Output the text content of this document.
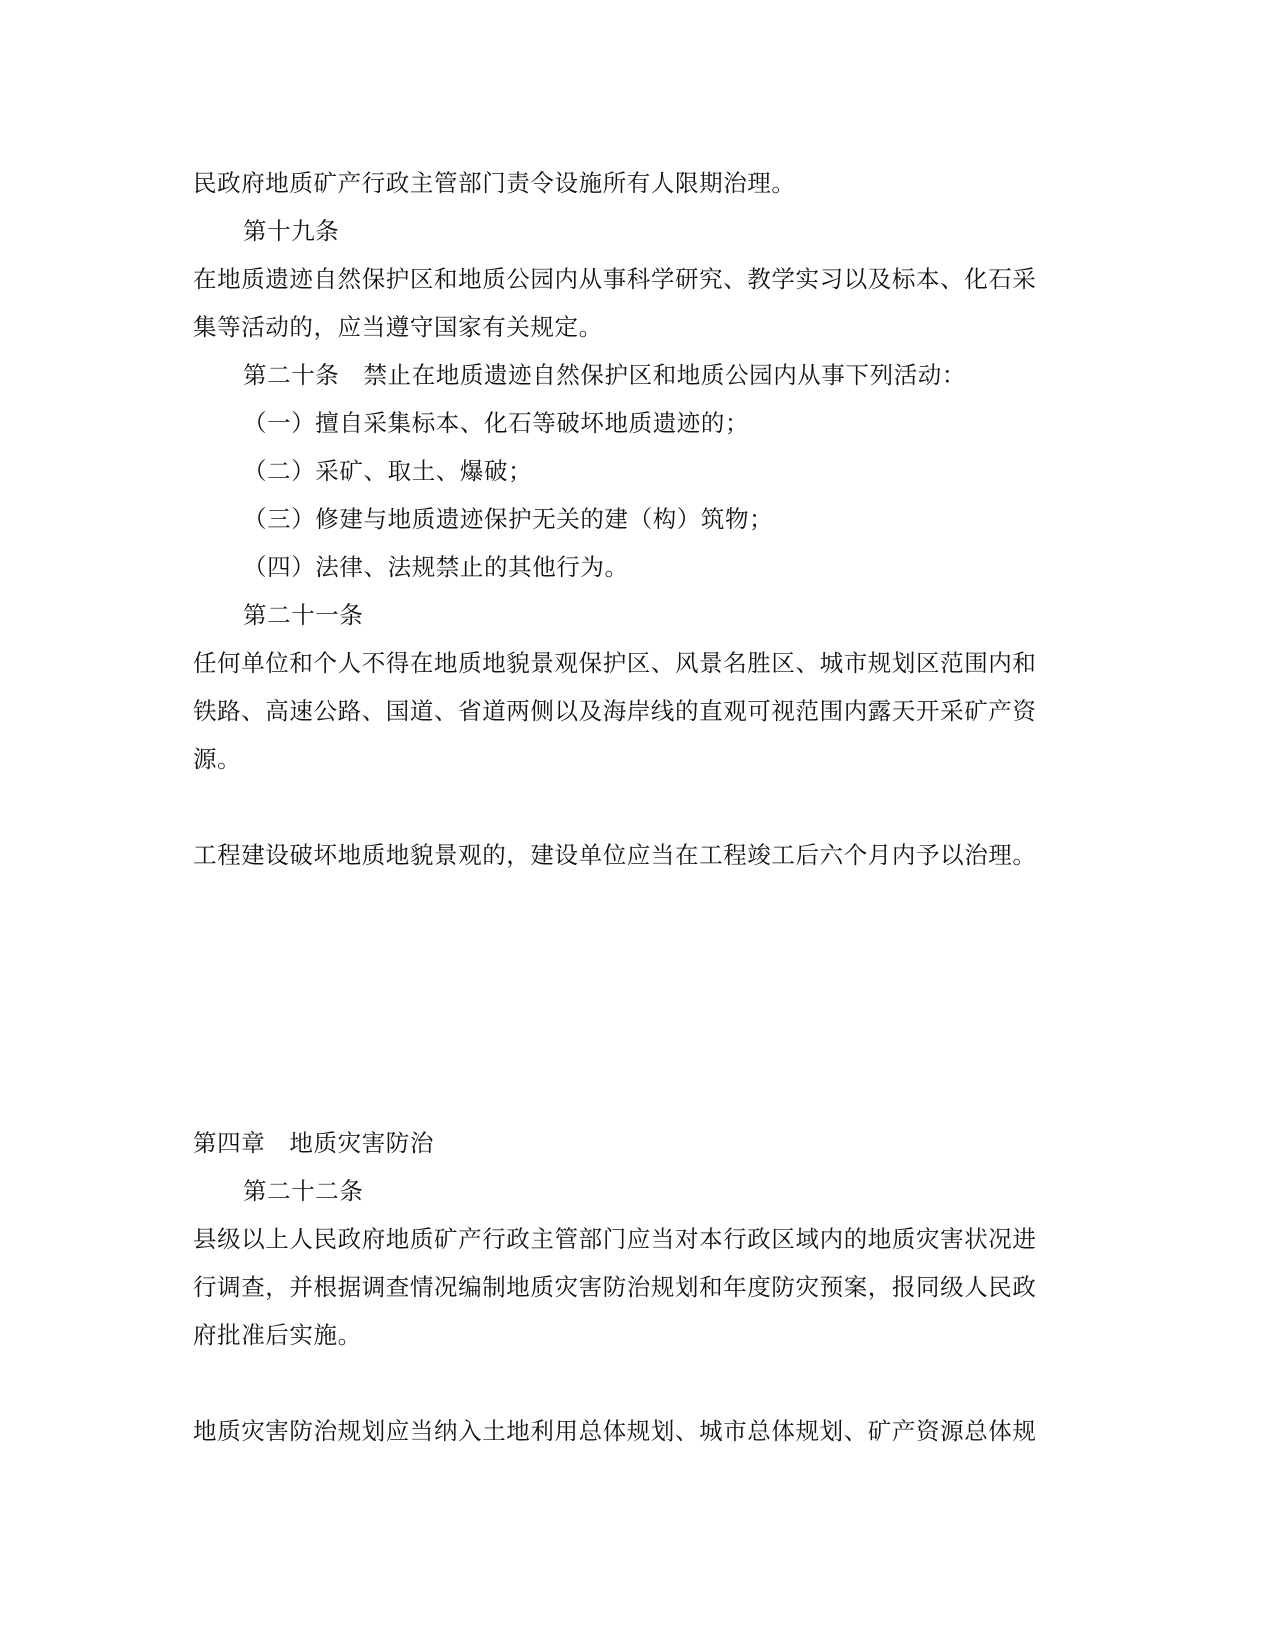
民政府地质矿产行政主管部门责令设施所有人限期治理。
第十九条
在地质遗迹自然保护区和地质公园内从事科学研究、教学实习以及标本、化石采
集等活动的，应当遵守国家有关规定。
第二十条　禁止在地质遗迹自然保护区和地质公园内从事下列活动：
（一）擅自采集标本、化石等破坏地质遗迹的；
（二）采矿、取土、爆破；
（三）修建与地质遗迹保护无关的建（构）筑物；
（四）法律、法规禁止的其他行为。
第二十一条
任何单位和个人不得在地质地貌景观保护区、风景名胜区、城市规划区范围内和
铁路、高速公路、国道、省道两侧以及海岸线的直观可视范围内露天开采矿产资
源。
工程建设破坏地质地貌景观的，建设单位应当在工程竣工后六个月内予以治理。
第四章　地质灾害防治
第二十二条
县级以上人民政府地质矿产行政主管部门应当对本行政区域内的地质灾害状况进
行调查，并根据调查情况编制地质灾害防治规划和年度防灾预案，报同级人民政
府批准后实施。
地质灾害防治规划应当纳入土地利用总体规划、城市总体规划、矿产资源总体规
